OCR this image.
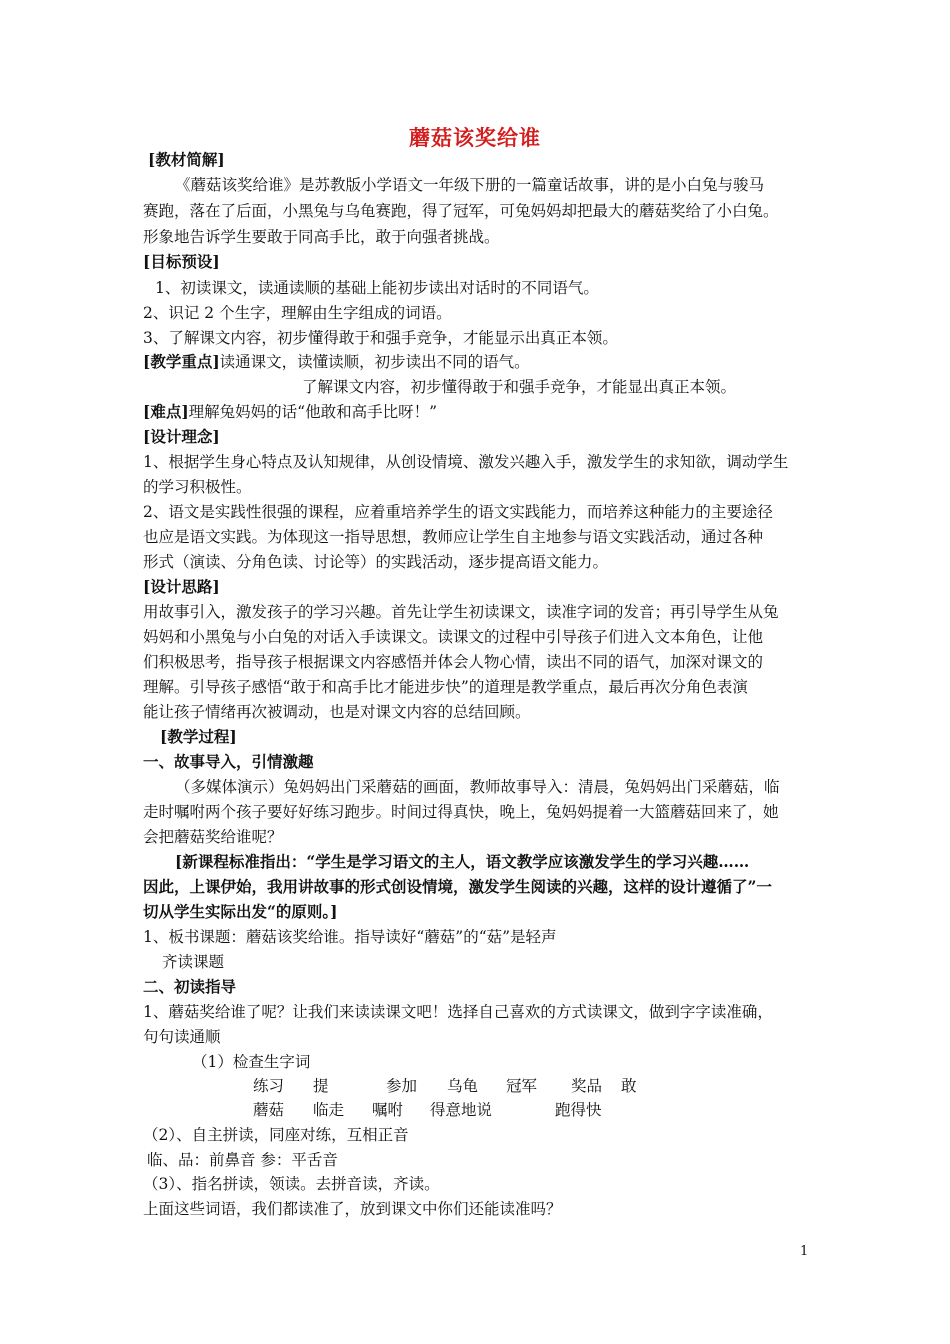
蘑菇该奖给谁
[教材简解]
《蘑菇该奖给谁》是苏教版小学语文一年级下册的一篇童话故事，讲的是小白兔与骏马
赛跑，落在了后面，小黑兔与乌龟赛跑，得了冠军，可兔妈妈却把最大的蘑菇奖给了小白兔。
形象地告诉学生要敢于同高手比，敢于向强者挑战。
[目标预设]
1、初读课文，读通读顺的基础上能初步读出对话时的不同语气。
2、识记 2 个生字，理解由生字组成的词语。
3、了解课文内容，初步懂得敢于和强手竞争，才能显示出真正本领。
[教学重点]读通课文，读懂读顺，初步读出不同的语气。
了解课文内容，初步懂得敢于和强手竞争，才能显出真正本领。
[难点]理解兔妈妈的话“他敢和高手比呀！”
[设计理念]
1、根据学生身心特点及认知规律，从创设情境、激发兴趣入手，激发学生的求知欲，调动学生
的学习积极性。
2、语文是实践性很强的课程，应着重培养学生的语文实践能力，而培养这种能力的主要途径
也应是语文实践。为体现这一指导思想，教师应让学生自主地参与语文实践活动，通过各种
形式（演读、分角色读、讨论等）的实践活动，逐步提高语文能力。
[设计思路]
用故事引入，激发孩子的学习兴趣。首先让学生初读课文，读准字词的发音；再引导学生从兔
妈妈和小黑兔与小白兔的对话入手读课文。读课文的过程中引导孩子们进入文本角色，让他
们积极思考，指导孩子根据课文内容感悟并体会人物心情，读出不同的语气，加深对课文的
理解。引导孩子感悟“敢于和高手比才能进步快”的道理是教学重点，最后再次分角色表演
能让孩子情绪再次被调动，也是对课文内容的总结回顾。
[教学过程]
一、故事导入，引情激趣
（多媒体演示）兔妈妈出门采蘑菇的画面，教师故事导入：清晨，兔妈妈出门采蘑菇，临
走时嘱咐两个孩子要好好练习跑步。时间过得真快，晚上，兔妈妈提着一大篮蘑菇回来了，她
会把蘑菇奖给谁呢？
[新课程标准指出：“学生是学习语文的主人，语文教学应该激发学生的学习兴趣……
因此，上课伊始，我用讲故事的形式创设情境，激发学生阅读的兴趣，这样的设计遵循了”一
切从学生实际出发“的原则。]
1、板书课题：蘑菇该奖给谁。指导读好“蘑菇”的“菇”是轻声
齐读课题
二、初读指导
1、蘑菇奖给谁了呢？让我们来读读课文吧！选择自己喜欢的方式读课文，做到字字读准确，
句句读通顺
（1）检查生字词
练习 提	参加 乌龟 冠军 奖品 敢
蘑菇 临走 嘱咐 得意地说	跑得快
（2）、自主拼读，同座对练，互相正音
临、品：前鼻音 参：平舌音
（3）、指名拼读，领读。去拼音读，齐读。
上面这些词语，我们都读准了，放到课文中你们还能读准吗？
1
